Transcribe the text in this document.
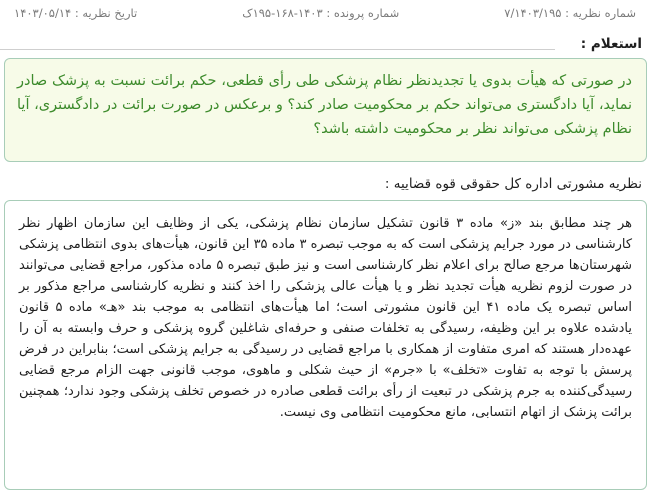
شماره نظریه : ۷/۱۴۰۳/۱۹۵
شماره پرونده : ۱۴۰۳-۱۶۸-۱۹۵ک
تاریخ نظریه : ۱۴۰۳/۰۵/۱۴
استعلام :

در صورتی که هیأت بدوی یا تجدیدنظر نظام پزشکی طی رأی قطعی، حکم برائت نسبت به پزشک صادر نماید، آیا دادگستری می‌تواند حکم بر محکومیت صادر کند؟ و برعکس در صورت برائت در دادگستری، آیا نظام پزشکی می‌تواند نظر بر محکومیت داشته باشد؟

نظریه مشورتی اداره کل حقوقی قوه قضاییه :

هر چند مطابق بند «ز» ماده ۳ قانون تشکیل سازمان نظام پزشکی، یکی از وظایف این سازمان اظهار نظر کارشناسی در مورد جرایم پزشکی است که به موجب تبصره ۳ ماده ۳۵ این قانون، هیأت‌های بدوی انتظامی پزشکی شهرستان‌ها مرجع صالح برای اعلام نظر کارشناسی است و نیز طبق تبصره ۵ ماده مذکور، مراجع قضایی می‌توانند در صورت لزوم نظریه هیأت تجدید نظر و یا هیأت عالی پزشکی را اخذ کنند و نظریه کارشناسی مراجع مذکور بر اساس تبصره یک ماده ۴۱ این قانون مشورتی است؛ اما هیأت‌های انتظامی به موجب بند «هـ» ماده ۵ قانون یادشده علاوه بر این وظیفه، رسیدگی به تخلفات صنفی و حرفه‌ای شاغلین گروه پزشکی و حرف وابسته به آن را عهده‌دار هستند که امری متفاوت از همکاری با مراجع قضایی در رسیدگی به جرایم پزشکی است؛ بنابراین در فرض پرسش با توجه به تفاوت «تخلف» با «جرم» از حیث شکلی و ماهوی، موجب قانونی جهت الزام مرجع قضایی رسیدگی‌کننده به جرم پزشکی در تبعیت از رأی برائت قطعی صادره در خصوص تخلف پزشکی وجود ندارد؛ همچنین برائت پزشک از اتهام انتسابی، مانع محکومیت انتظامی وی نیست.
